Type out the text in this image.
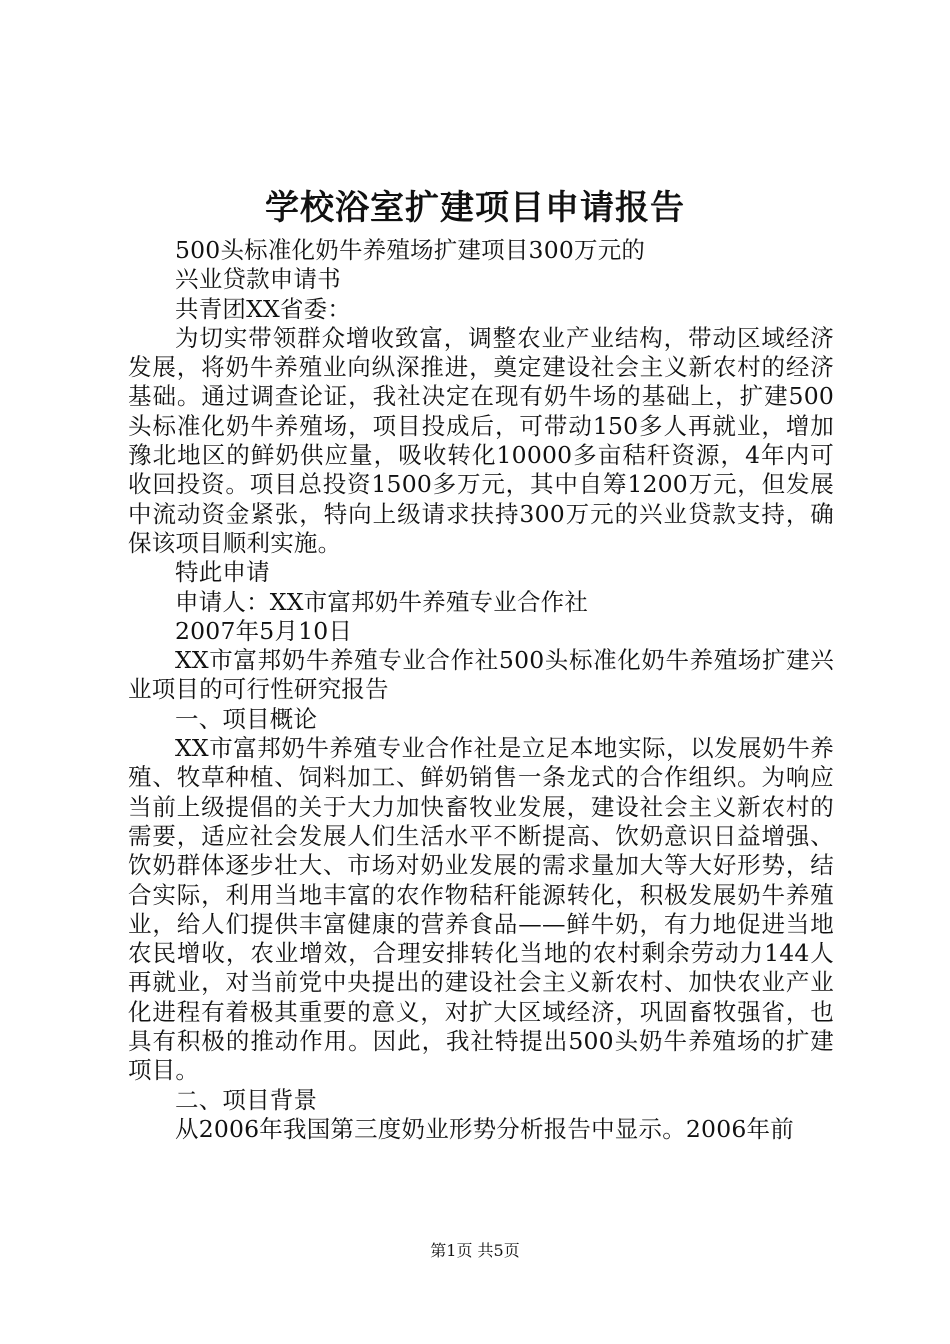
学校浴室扩建项目申请报告

500头标准化奶牛养殖场扩建项目300万元的

兴业贷款申请书

共青团XX省委：

为切实带领群众增收致富，调整农业产业结构，带动区域经济发展，将奶牛养殖业向纵深推进，奠定建设社会主义新农村的经济基础。通过调查论证，我社决定在现有奶牛场的基础上，扩建500头标准化奶牛养殖场，项目投成后，可带动150多人再就业，增加豫北地区的鲜奶供应量，吸收转化10000多亩秸秆资源，4年内可收回投资。项目总投资1500多万元，其中自筹1200万元，但发展中流动资金紧张，特向上级请求扶持300万元的兴业贷款支持，确保该项目顺利实施。

特此申请

申请人：XX市富邦奶牛养殖专业合作社

2007年5月10日

XX市富邦奶牛养殖专业合作社500头标准化奶牛养殖场扩建兴业项目的可行性研究报告

一、项目概论

XX市富邦奶牛养殖专业合作社是立足本地实际，以发展奶牛养殖、牧草种植、饲料加工、鲜奶销售一条龙式的合作组织。为响应当前上级提倡的关于大力加快畜牧业发展，建设社会主义新农村的需要，适应社会发展人们生活水平不断提高、饮奶意识日益增强、饮奶群体逐步壮大、市场对奶业发展的需求量加大等大好形势，结合实际，利用当地丰富的农作物秸秆能源转化，积极发展奶牛养殖业，给人们提供丰富健康的营养食品——鲜牛奶，有力地促进当地农民增收，农业增效，合理安排转化当地的农村剩余劳动力144人再就业，对当前党中央提出的建设社会主义新农村、加快农业产业化进程有着极其重要的意义，对扩大区域经济，巩固畜牧强省，也具有积极的推动作用。因此，我社特提出500头奶牛养殖场的扩建项目。

二、项目背景

从2006年我国第三度奶业形势分析报告中显示。2006年前

第1页 共5页
